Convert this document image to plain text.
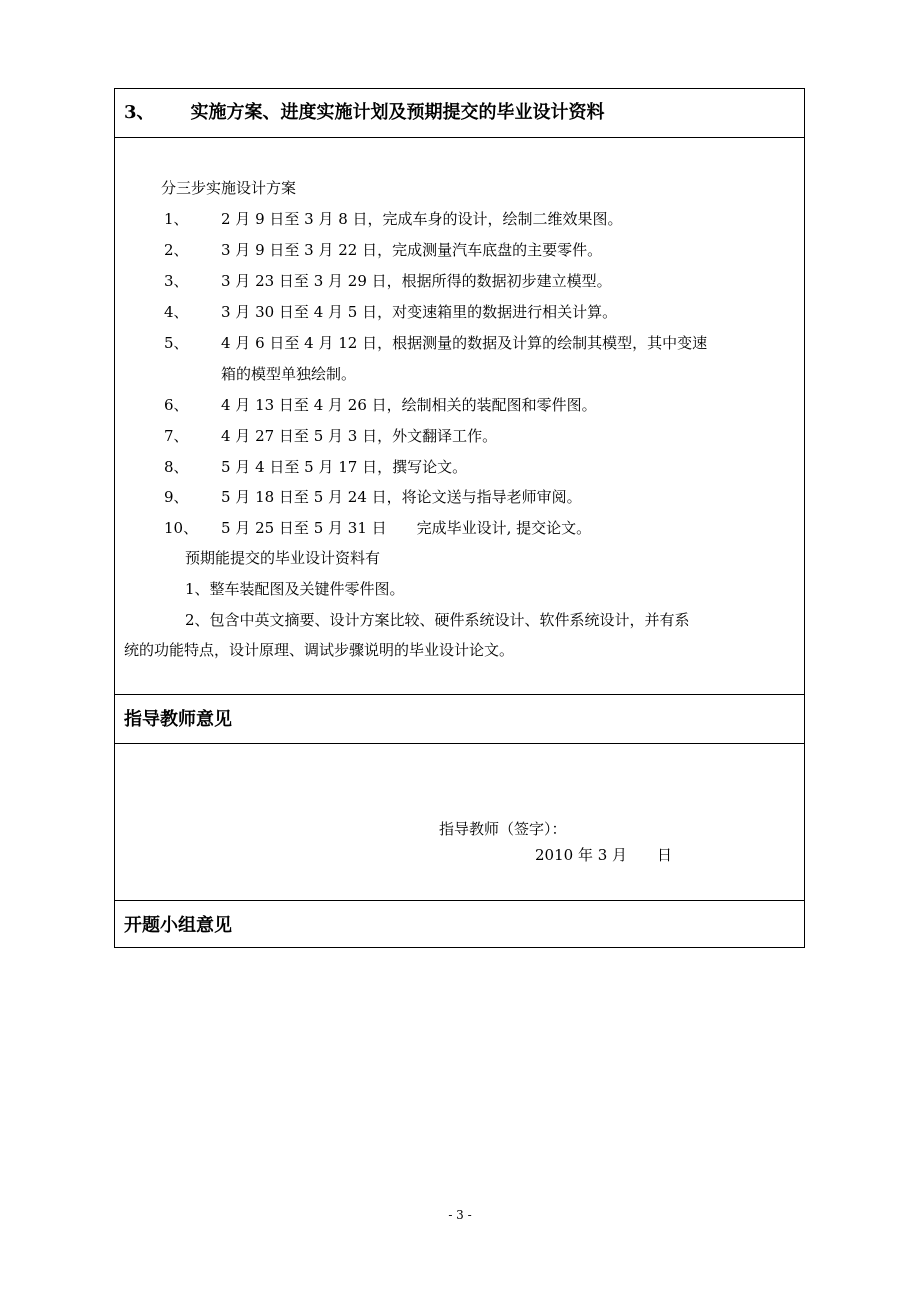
3、 实施方案、进度实施计划及预期提交的毕业设计资料
分三步实施设计方案
1、 2 月 9 日至 3 月 8 日，完成车身的设计，绘制二维效果图。
2、 3 月 9 日至 3 月 22 日，完成测量汽车底盘的主要零件。
3、 3 月 23 日至 3 月 29 日，根据所得的数据初步建立模型。
4、 3 月 30 日至 4 月 5 日，对变速箱里的数据进行相关计算。
5、 4 月 6 日至 4 月 12 日，根据测量的数据及计算的绘制其模型，其中变速
箱的模型单独绘制。
6、 4 月 13 日至 4 月 26 日，绘制相关的装配图和零件图。
7、 4 月 27 日至 5 月 3 日，外文翻译工作。
8、 5 月 4 日至 5 月 17 日，撰写论文。
9、 5 月 18 日至 5 月 24 日，将论文送与指导老师审阅。
10、 5 月 25 日至 5 月 31 日　　完成毕业设计, 提交论文。
预期能提交的毕业设计资料有
1、整车装配图及关键件零件图。
2、包含中英文摘要、设计方案比较、硬件系统设计、软件系统设计，并有系
统的功能特点，设计原理、调试步骤说明的毕业设计论文。
指导教师意见
指导教师（签字）：
2010 年 3 月　　日
开题小组意见
- 3 -
